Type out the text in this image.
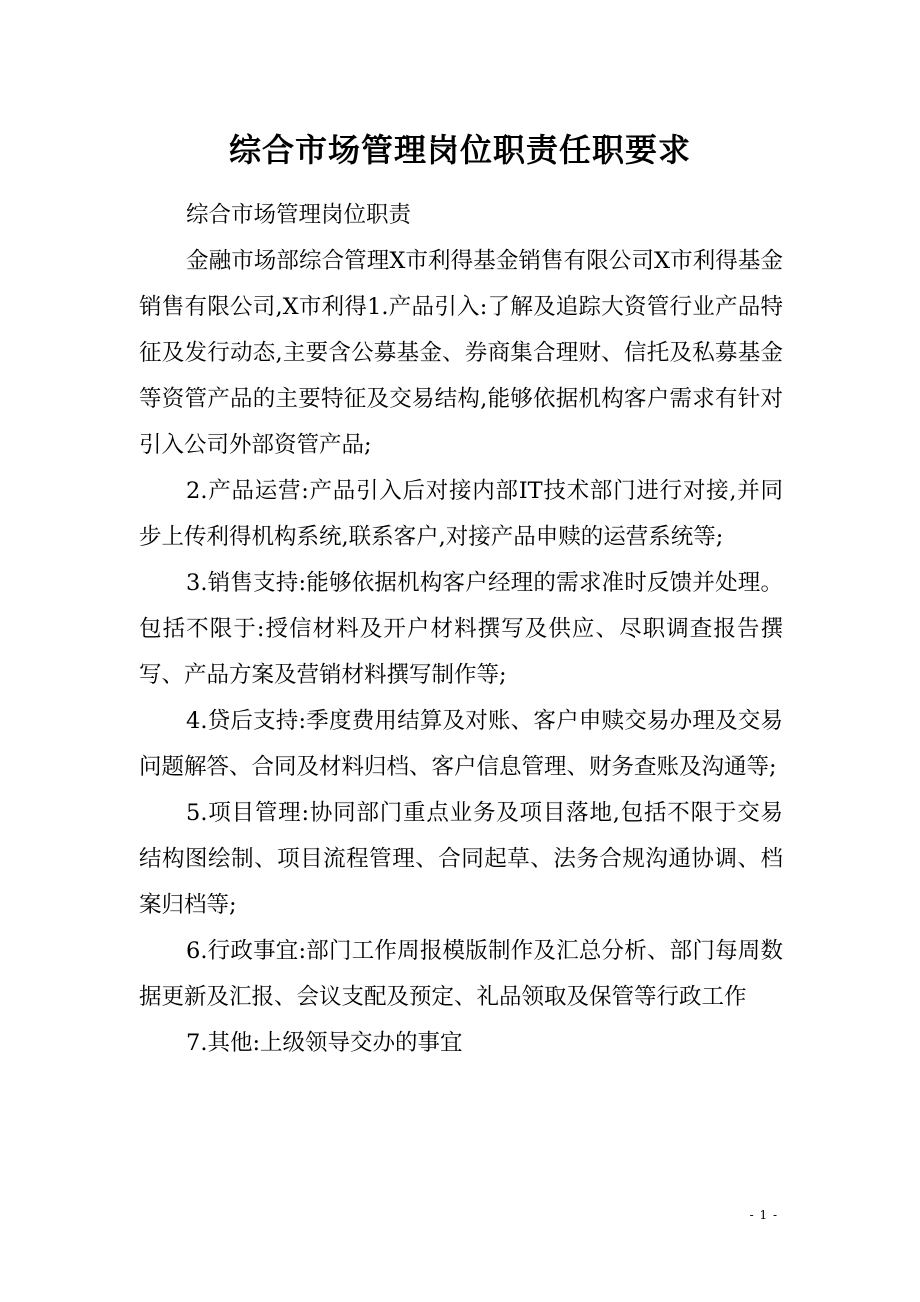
综合市场管理岗位职责任职要求

综合市场管理岗位职责

金融市场部综合管理X市利得基金销售有限公司X市利得基金销售有限公司,X市利得1.产品引入:了解及追踪大资管行业产品特征及发行动态,主要含公募基金、券商集合理财、信托及私募基金等资管产品的主要特征及交易结构,能够依据机构客户需求有针对引入公司外部资管产品;

2.产品运营:产品引入后对接内部IT技术部门进行对接,并同步上传利得机构系统,联系客户,对接产品申赎的运营系统等;

3.销售支持:能够依据机构客户经理的需求准时反馈并处理。包括不限于:授信材料及开户材料撰写及供应、尽职调查报告撰写、产品方案及营销材料撰写制作等;

4.贷后支持:季度费用结算及对账、客户申赎交易办理及交易问题解答、合同及材料归档、客户信息管理、财务查账及沟通等;

5.项目管理:协同部门重点业务及项目落地,包括不限于交易结构图绘制、项目流程管理、合同起草、法务合规沟通协调、档案归档等;

6.行政事宜:部门工作周报模版制作及汇总分析、部门每周数据更新及汇报、会议支配及预定、礼品领取及保管等行政工作

7.其他:上级领导交办的事宜

- 1 -
